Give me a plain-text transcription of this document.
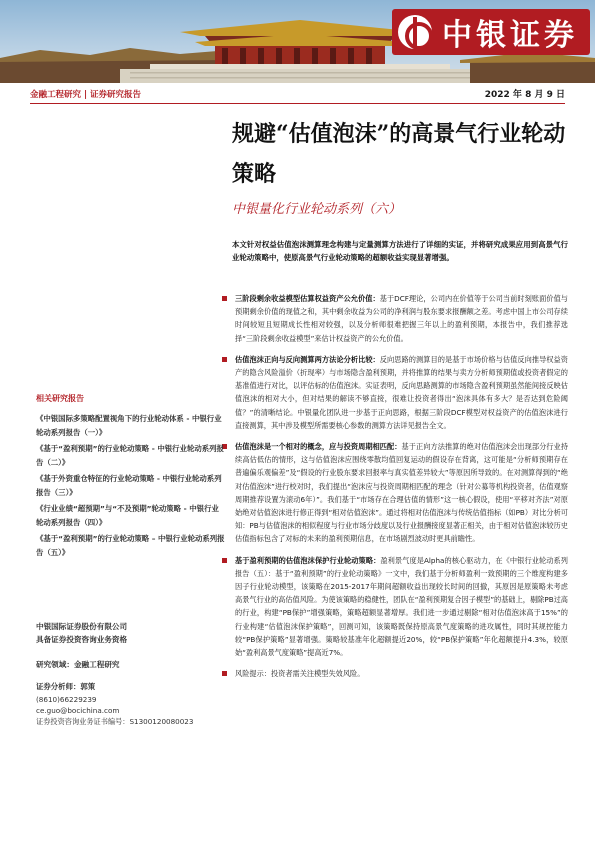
中银证券
金融工程研究 | 证券研究报告	2022 年 8 月 9 日
规避“估值泡沫”的高景气行业轮动策略
中银量化行业轮动系列（六）
本文针对权益估值泡沫测算理念构建与定量测算方法进行了详细的实证，并将研究成果应用到高景气行业轮动策略中，使原高景气行业轮动策略的超额收益实现显著增强。
三阶段剩余收益模型估算权益资产公允价值：基于DCF理论，公司内在价值等于公司当前时刻账面价值与预期剩余价值的现值之和，其中剩余收益为公司的净利润与股东要求报酬额之差。考虑中国上市公司存续时间较短且短期成长性相对较强，以及分析师很难把握三年以上的盈利预期，本报告中，我们推荐选择“三阶段剩余收益模型”来估计权益资产的公允价值。
估值泡沫正向与反向测算两方法论分析比较：反向思路的测算目的是基于市场价格与估值反向推导权益资产的隐含风险溢价（折现率）与市场隐含盈利预期，并将推算的结果与卖方分析师预期值或投资者假定的基准值进行对比，以评估标的估值泡沫。实证表明，反向思路测算的市场隐含盈利预期虽然能间接反映估值泡沫的相对大小，但对结果的解读不够直接，很难让投资者得出“泡沫具体有多大？是否达到危险阈值？”的清晰结论。中银量化团队进一步基于正向思路，根据三阶段DCF模型对权益资产的估值泡沫进行直接测算，其中涉及模型所需要核心参数的测算方法详见报告全文。
估值泡沫是一个相对的概念，应与投资周期相匹配：基于正向方法推算的绝对估值泡沫会出现部分行业持续高估低估的情形，这与估值泡沫应围绕零散均值回复运动的假设存在背离，这可能是“分析师预期存在普遍偏乐观偏差”及“假设的行业股东要求回报率与真实值差异较大”等原因所导致的。在对测算得到的“绝对估值泡沫”进行校对时，我们提出“泡沫应与投资周期相匹配的理念（针对公募等机构投资者，估值观察周期推荐设置为滚动6年）”。我们基于“市场存在合理估值的情形”这一核心假设，使用“平移对齐法”对原始绝对估值泡沫进行修正得到“相对估值泡沫”。通过将相对估值泡沫与传统估值指标（如PB）对比分析可知：PB与估值泡沫的相似程度与行业市场分歧度以及行业报酬接度显著正相关，由于相对估值泡沫较历史估值指标包含了对标的未来的盈利预期信息，在市场剧烈波动时更具前瞻性。
基于盈利预期的估值泡沫保护行业轮动策略：盈利景气度是Alpha的核心驱动力，在《中银行业轮动系列报告（五）：基于“盈利预期”的行业轮动策略》一文中，我们基于分析师盈利一致预期的三个维度构建多因子行业轮动模型，该策略在2015-2017年期间超额收益出现较长时间的回撤，其原因是原策略未考虑高景气行业的高估值风险。为使该策略的稳健性，团队在“盈利预期复合因子模型”的基础上，剔除PB过高的行业，构建“PB保护”增强策略，策略超额显著增厚。我们进一步通过剔除“相对估值泡沫高于15%”的行业构建“估值泡沫保护策略”，回测可知，该策略既保持原高景气度策略的进攻属性，同时其规控能力较“PB保护策略”显著增强。策略较基准年化超额提近20%，较“PB保护策略”年化超额提升4.3%，较原始“盈利高景气度策略”提高近7%。
风险提示：投资者需关注模型失效风险。
相关研究报告
《中银国际多策略配置视角下的行业轮动体系 - 中银行业轮动系列报告（一）》
《基于“盈利预期”的行业轮动策略 - 中银行业轮动系列报告（二）》
《基于外资重仓特征的行业轮动策略 - 中银行业轮动系列报告（三）》
《行业业绩“超预期”与“不及预期”轮动策略 - 中银行业轮动系列报告（四）》
《基于“盈利预期”的行业轮动策略 – 中银行业轮动系列报告（五）》
中银国际证券股份有限公司
具备证券投资咨询业务资格
研究领域：金融工程研究
证券分析师：郭策
(8610)66229239
ce.guo@bocichina.com
证券投资咨询业务证书编号：S1300120080023
